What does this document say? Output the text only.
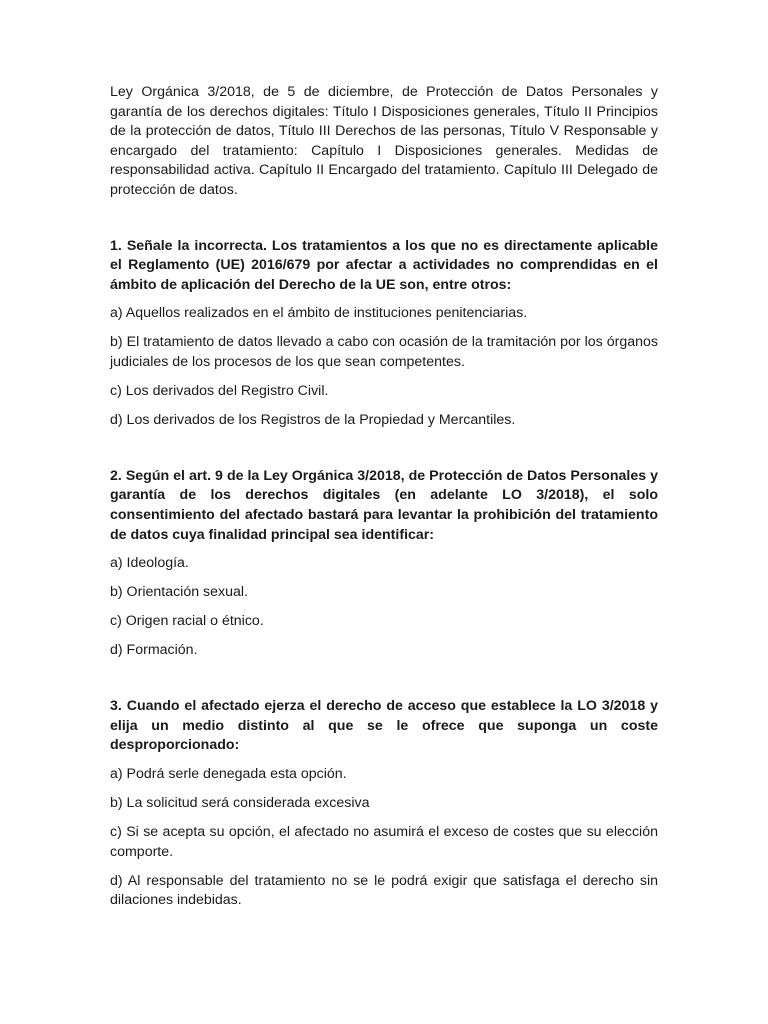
Ley Orgánica 3/2018, de 5 de diciembre, de Protección de Datos Personales y garantía de los derechos digitales: Título I Disposiciones generales, Título II Principios de la protección de datos, Título III Derechos de las personas, Título V Responsable y encargado del tratamiento: Capítulo I Disposiciones generales. Medidas de responsabilidad activa. Capítulo II Encargado del tratamiento. Capítulo III Delegado de protección de datos.

1. Señale la incorrecta. Los tratamientos a los que no es directamente aplicable el Reglamento (UE) 2016/679 por afectar a actividades no comprendidas en el ámbito de aplicación del Derecho de la UE son, entre otros:

a) Aquellos realizados en el ámbito de instituciones penitenciarias.

b) El tratamiento de datos llevado a cabo con ocasión de la tramitación por los órganos judiciales de los procesos de los que sean competentes.

c) Los derivados del Registro Civil.

d) Los derivados de los Registros de la Propiedad y Mercantiles.

2. Según el art. 9 de la Ley Orgánica 3/2018, de Protección de Datos Personales y garantía de los derechos digitales (en adelante LO 3/2018), el solo consentimiento del afectado bastará para levantar la prohibición del tratamiento de datos cuya finalidad principal sea identificar:

a) Ideología.

b) Orientación sexual.

c) Origen racial o étnico.

d) Formación.

3. Cuando el afectado ejerza el derecho de acceso que establece la LO 3/2018 y elija un medio distinto al que se le ofrece que suponga un coste desproporcionado:

a) Podrá serle denegada esta opción.

b) La solicitud será considerada excesiva

c) Si se acepta su opción, el afectado no asumirá el exceso de costes que su elección comporte.

d) Al responsable del tratamiento no se le podrá exigir que satisfaga el derecho sin dilaciones indebidas.
